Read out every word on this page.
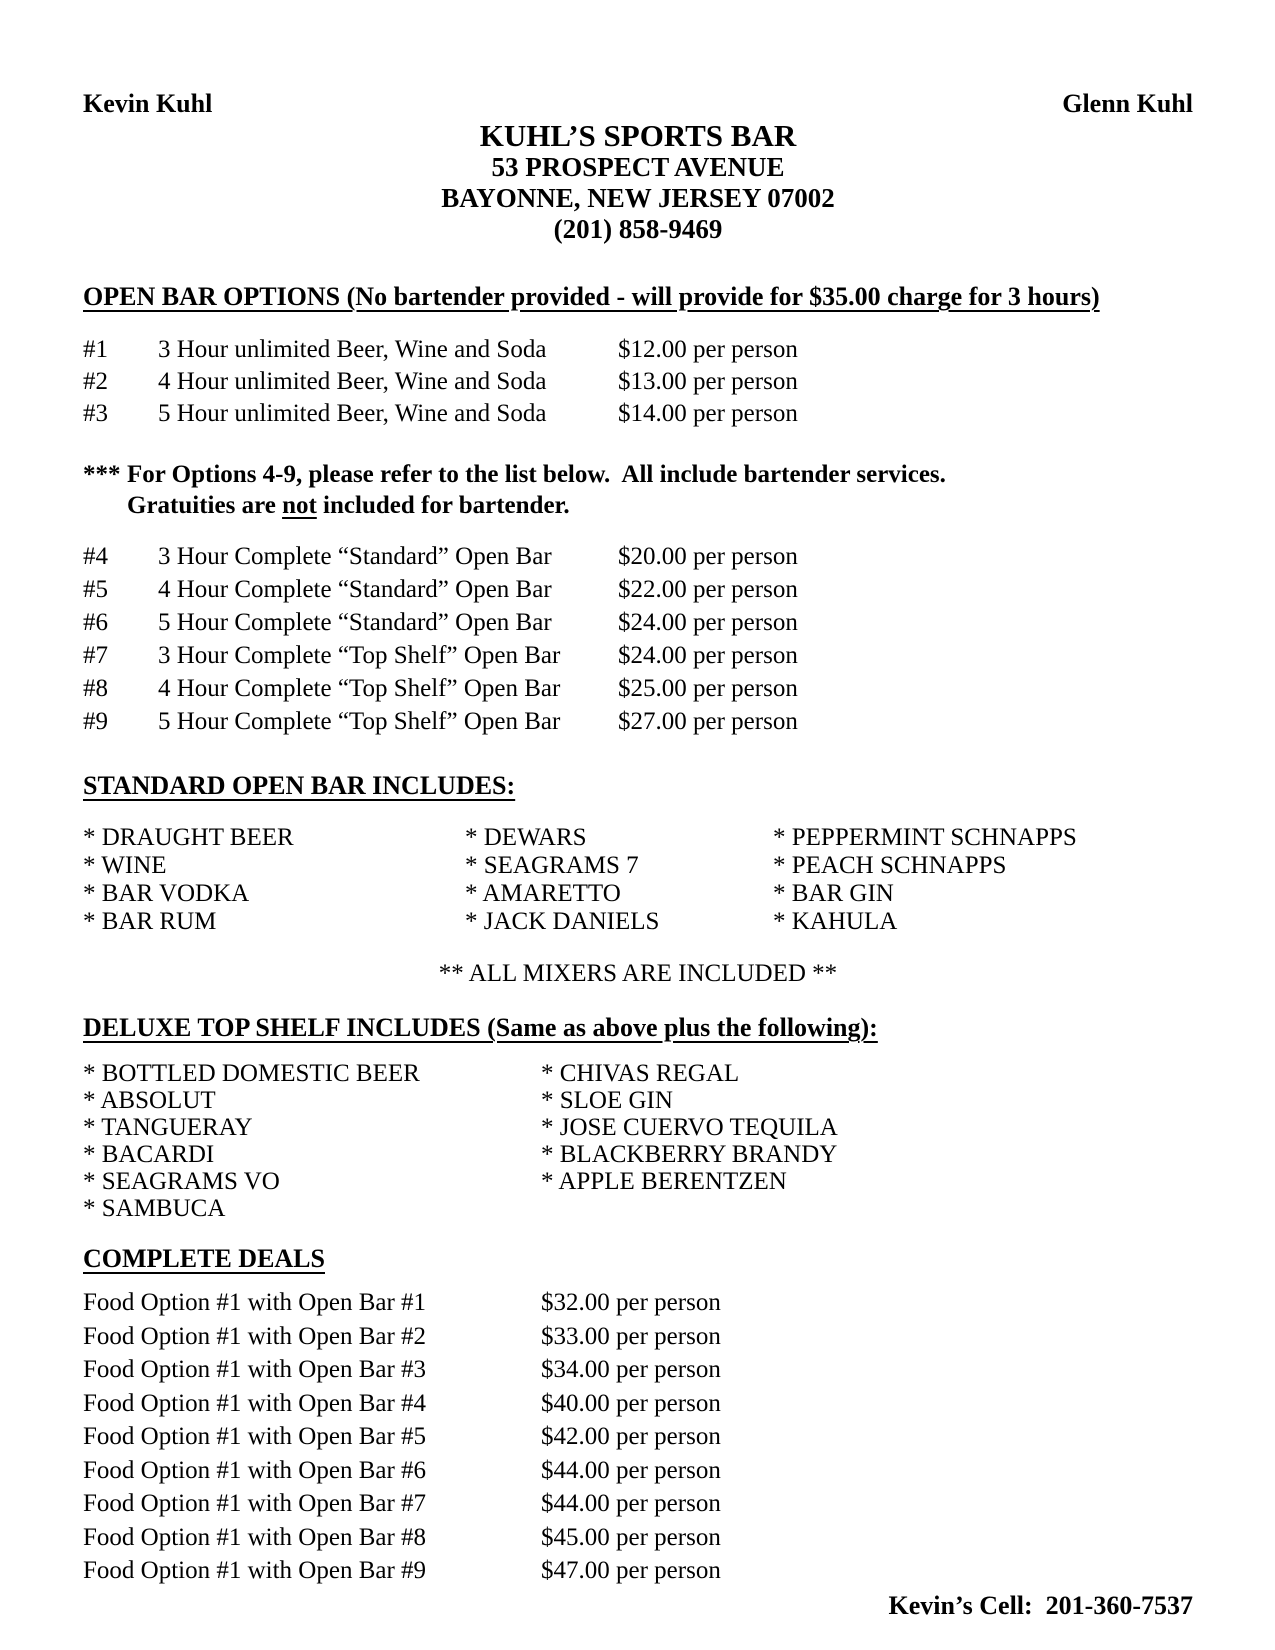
Kevin Kuhl	Glenn Kuhl
KUHL’S SPORTS BAR
53 PROSPECT AVENUE
BAYONNE, NEW JERSEY 07002
(201) 858-9469
OPEN BAR OPTIONS (No bartender provided - will provide for $35.00 charge for 3 hours)
#1	3 Hour unlimited Beer, Wine and Soda	$12.00 per person
#2	4 Hour unlimited Beer, Wine and Soda	$13.00 per person
#3	5 Hour unlimited Beer, Wine and Soda	$14.00 per person
*** For Options 4-9, please refer to the list below.  All include bartender services.
Gratuities are not included for bartender.
#4	3 Hour Complete “Standard” Open Bar	$20.00 per person
#5	4 Hour Complete “Standard” Open Bar	$22.00 per person
#6	5 Hour Complete “Standard” Open Bar	$24.00 per person
#7	3 Hour Complete “Top Shelf” Open Bar	$24.00 per person
#8	4 Hour Complete “Top Shelf” Open Bar	$25.00 per person
#9	5 Hour Complete “Top Shelf” Open Bar	$27.00 per person
STANDARD OPEN BAR INCLUDES:
* DRAUGHT BEER
* WINE
* BAR VODKA
* BAR RUM
* DEWARS
* SEAGRAMS 7
* AMARETTO
* JACK DANIELS
* PEPPERMINT SCHNAPPS
* PEACH SCHNAPPS
* BAR GIN
* KAHULA
** ALL MIXERS ARE INCLUDED **
DELUXE TOP SHELF INCLUDES (Same as above plus the following):
* BOTTLED DOMESTIC BEER
* ABSOLUT
* TANGUERAY
* BACARDI
* SEAGRAMS VO
* SAMBUCA
* CHIVAS REGAL
* SLOE GIN
* JOSE CUERVO TEQUILA
* BLACKBERRY BRANDY
* APPLE BERENTZEN
COMPLETE DEALS
Food Option #1 with Open Bar #1	$32.00 per person
Food Option #1 with Open Bar #2	$33.00 per person
Food Option #1 with Open Bar #3	$34.00 per person
Food Option #1 with Open Bar #4	$40.00 per person
Food Option #1 with Open Bar #5	$42.00 per person
Food Option #1 with Open Bar #6	$44.00 per person
Food Option #1 with Open Bar #7	$44.00 per person
Food Option #1 with Open Bar #8	$45.00 per person
Food Option #1 with Open Bar #9	$47.00 per person
Kevin’s Cell:  201-360-7537
